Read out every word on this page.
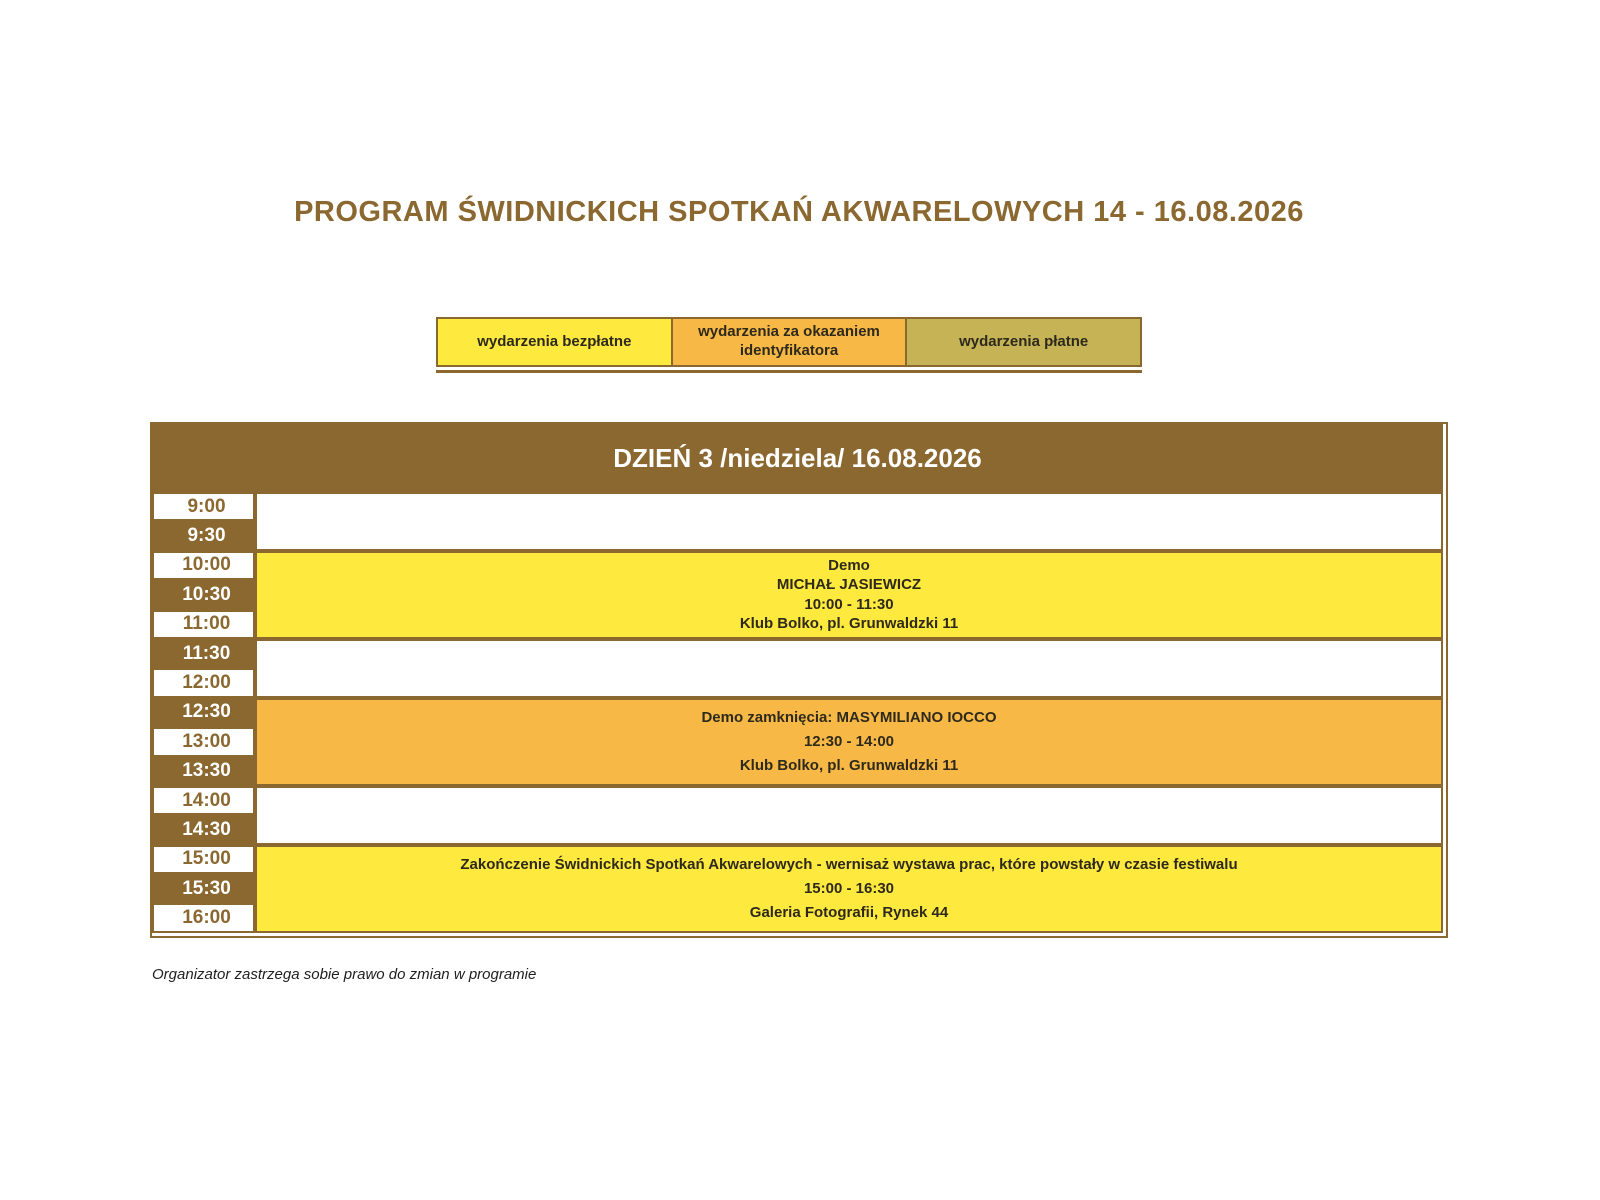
PROGRAM ŚWIDNICKICH SPOTKAŃ AKWARELOWYCH 14 - 16.08.2026
wydarzenia bezpłatne
wydarzenia za okazaniem identyfikatora
wydarzenia płatne
DZIEŃ 3 /niedziela/ 16.08.2026
9:00
9:30
10:00
10:30
11:00
11:30
12:00
12:30
13:00
13:30
14:00
14:30
15:00
15:30
16:00
Demo
MICHAŁ JASIEWICZ
10:00 - 11:30
Klub Bolko, pl. Grunwaldzki 11
Demo zamknięcia: MASYMILIANO IOCCO
12:30 - 14:00
Klub Bolko, pl. Grunwaldzki 11
Zakończenie Świdnickich Spotkań Akwarelowych - wernisaż wystawa prac, które powstały w czasie festiwalu
15:00 - 16:30
Galeria Fotografii, Rynek 44
Organizator zastrzega sobie prawo do zmian w programie
